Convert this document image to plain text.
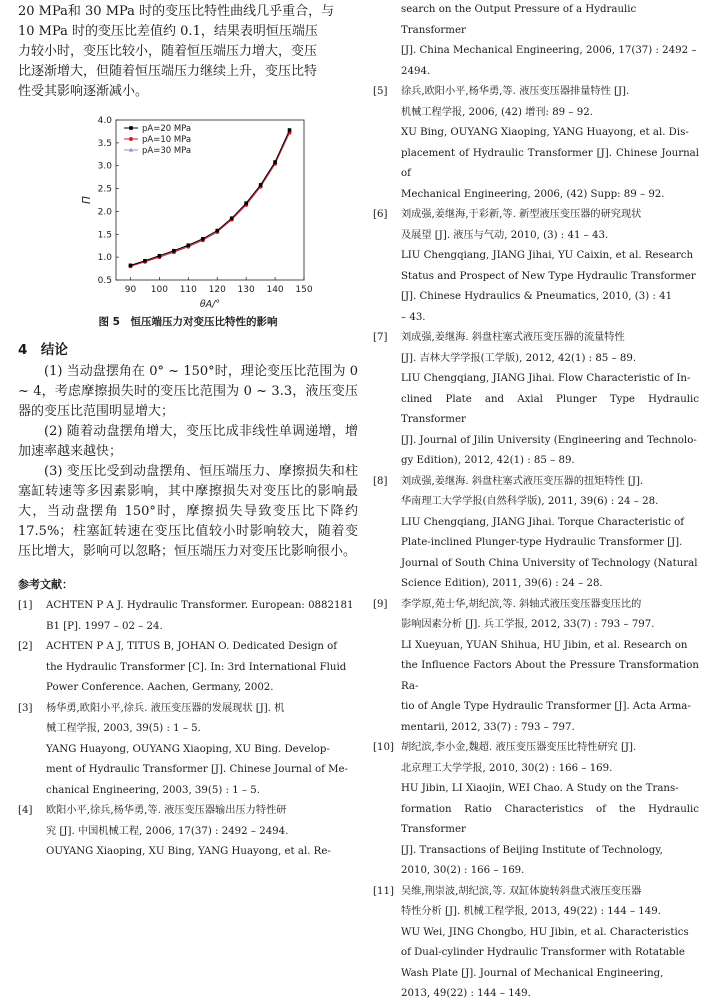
20 MPa和 30 MPa 时的变压比特性曲线几乎重合，与

10 MPa 时的变压比差值约 0.1，结果表明恒压端压

力较小时，变压比较小，随着恒压端压力增大，变压

比逐渐增大，但随着恒压端压力继续上升，变压比特

性受其影响逐渐减小。

90 100 110 120 130 140 150
0.5
1.0
1.5
2.0
2.5
3.0
3.5
4.0
θA/°
Π
pA=20 MPa
pA=10 MPa
pA=30 MPa

图 5　恒压端压力对变压比特性的影响

4　结论

(1) 当动盘摆角在 0° ~ 150°时，理论变压比范围为 0 ~ 4，考虑摩擦损失时的变压比范围为 0 ~ 3.3，液压变压器的变压比范围明显增大；

(2) 随着动盘摆角增大，变压比成非线性单调递增，增加速率越来越快；

(3) 变压比受到动盘摆角、恒压端压力、摩擦损失和柱塞缸转速等多因素影响，其中摩擦损失对变压比的影响最大，当动盘摆角 150°时，摩擦损失导致变压比下降约 17.5%；柱塞缸转速在变压比值较小时影响较大，随着变压比增大，影响可以忽略；恒压端压力对变压比影响很小。

参考文献：
[1]	ACHTEN P A J. Hydraulic Transformer. European: 0882181
B1 [P]. 1997 – 02 – 24.
[2]	ACHTEN P A J, TITUS B, JOHAN O. Dedicated Design of
the Hydraulic Transformer [C]. In: 3rd International Fluid
Power Conference. Aachen, Germany, 2002.
[3]	杨华勇,欧阳小平,徐兵. 液压变压器的发展现状 [J]. 机
械工程学报, 2003, 39(5) : 1 – 5.
YANG Huayong, OUYANG Xiaoping, XU Bing. Develop-
ment of Hydraulic Transformer [J]. Chinese Journal of Me-
chanical Engineering, 2003, 39(5) : 1 – 5.
[4]	欧阳小平,徐兵,杨华勇,等. 液压变压器输出压力特性研
究 [J]. 中国机械工程, 2006, 17(37) : 2492 – 2494.
OUYANG Xiaoping, XU Bing, YANG Huayong, et al. Re-
search on the Output Pressure of a Hydraulic Transformer
[J]. China Mechanical Engineering, 2006, 17(37) : 2492 –
2494.
[5]	徐兵,欧阳小平,杨华勇,等. 液压变压器排量特性 [J].
机械工程学报, 2006, (42) 增刊: 89 – 92.
XU Bing, OUYANG Xiaoping, YANG Huayong, et al. Dis-
placement of Hydraulic Transformer [J]. Chinese Journal of
Mechanical Engineering, 2006, (42) Supp: 89 – 92.
[6]	刘成强,姜继海,于彩新,等. 新型液压变压器的研究现状
及展望 [J]. 液压与气动, 2010, (3) : 41 – 43.
LIU Chengqiang, JIANG Jihai, YU Caixin, et al. Research
Status and Prospect of New Type Hydraulic Transformer
[J]. Chinese Hydraulics & Pneumatics, 2010, (3) : 41
– 43.
[7]	刘成强,姜继海. 斜盘柱塞式液压变压器的流量特性
[J]. 吉林大学学报(工学版), 2012, 42(1) : 85 – 89.
LIU Chengqiang, JIANG Jihai. Flow Characteristic of In-
clined Plate and Axial Plunger Type Hydraulic Transformer
[J]. Journal of Jilin University (Engineering and Technolo-
gy Edition), 2012, 42(1) : 85 – 89.
[8]	刘成强,姜继海. 斜盘柱塞式液压变压器的扭矩特性 [J].
华南理工大学学报(自然科学版), 2011, 39(6) : 24 – 28.
LIU Chengqiang, JIANG Jihai. Torque Characteristic of
Plate-inclined Plunger-type Hydraulic Transformer [J].
Journal of South China University of Technology (Natural
Science Edition), 2011, 39(6) : 24 – 28.
[9]	李学原,苑士华,胡纪滨,等. 斜轴式液压变压器变压比的
影响因素分析 [J]. 兵工学报, 2012, 33(7) : 793 – 797.
LI Xueyuan, YUAN Shihua, HU Jibin, et al. Research on
the Influence Factors About the Pressure Transformation Ra-
tio of Angle Type Hydraulic Transformer [J]. Acta Arma-
mentarii, 2012, 33(7) : 793 – 797.
[10] 胡纪滨,李小金,魏超. 液压变压器变压比特性研究 [J].
北京理工大学学报, 2010, 30(2) : 166 – 169.
HU Jibin, LI Xiaojin, WEI Chao. A Study on the Trans-
formation Ratio Characteristics of the Hydraulic Transformer
[J]. Transactions of Beijing Institute of Technology,
2010, 30(2) : 166 – 169.
[11] 吴维,荆崇波,胡纪滨,等. 双缸体旋转斜盘式液压变压器
特性分析 [J]. 机械工程学报, 2013, 49(22) : 144 – 149.
WU Wei, JING Chongbo, HU Jibin, et al. Characteristics
of Dual-cylinder Hydraulic Transformer with Rotatable
Wash Plate [J]. Journal of Mechanical Engineering,
2013, 49(22) : 144 – 149.
